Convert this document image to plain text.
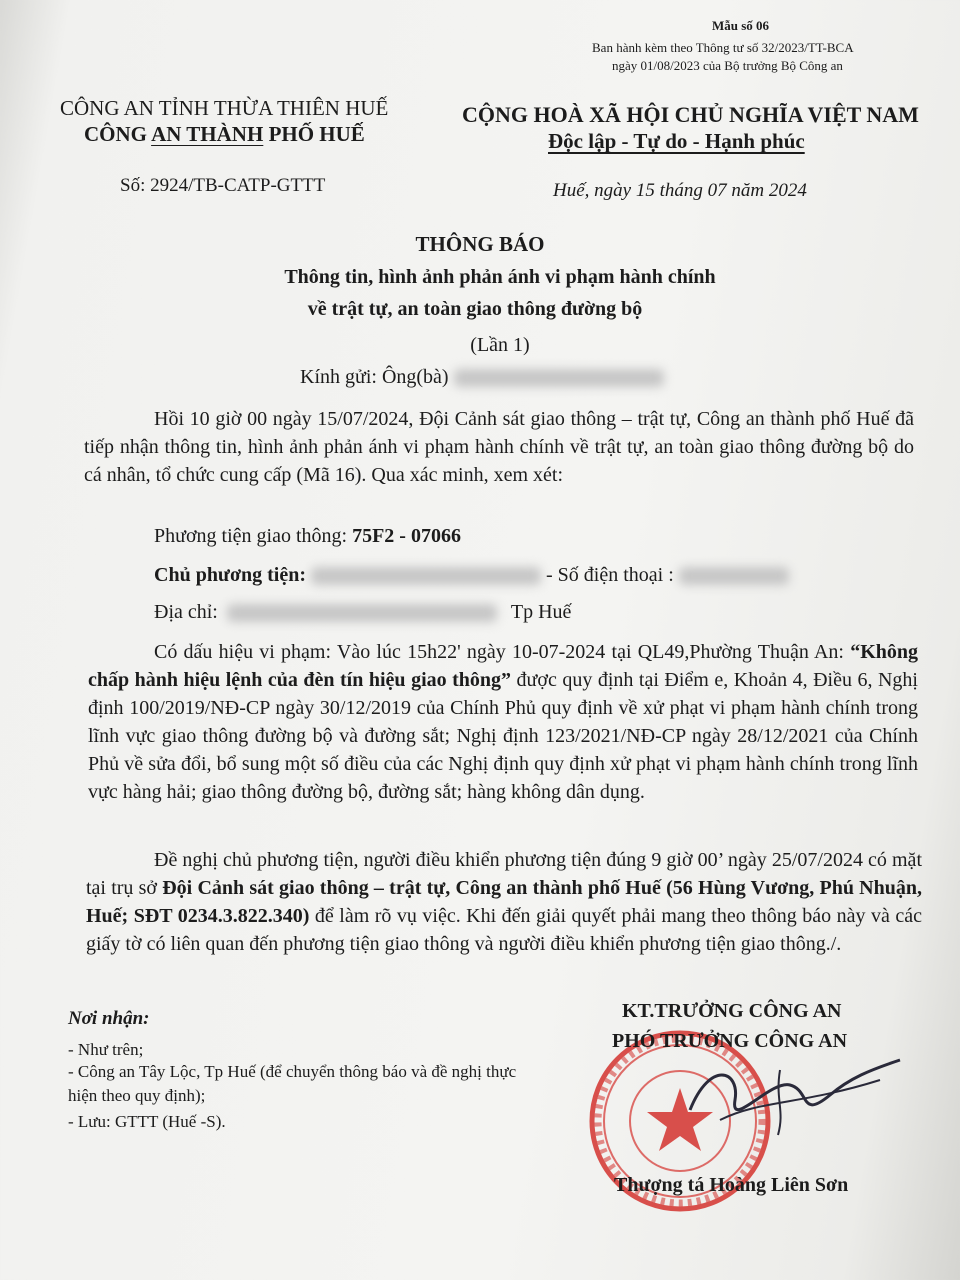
Mẫu số 06
Ban hành kèm theo Thông tư số 32/2023/TT-BCA
ngày 01/08/2023 của Bộ trưởng Bộ Công an
CÔNG AN TỈNH THỪA THIÊN HUẾ
CÔNG AN THÀNH PHỐ HUẾ
CỘNG HOÀ XÃ HỘI CHỦ NGHĨA VIỆT NAM
Độc lập - Tự do - Hạnh phúc
Số: 2924/TB-CATP-GTTT	Huế, ngày 15 tháng 07 năm 2024
THÔNG BÁO
Thông tin, hình ảnh phản ánh vi phạm hành chính
về trật tự, an toàn giao thông đường bộ
(Lần 1)
Kính gửi: Ông(bà)
Hồi 10 giờ 00 ngày 15/07/2024, Đội Cảnh sát giao thông – trật tự, Công an thành phố Huế đã tiếp nhận thông tin, hình ảnh phản ánh vi phạm hành chính về trật tự, an toàn giao thông đường bộ do cá nhân, tổ chức cung cấp (Mã 16). Qua xác minh, xem xét:
Phương tiện giao thông: 75F2 - 07066
Chủ phương tiện:	- Số điện thoại :
Địa chỉ:	Tp Huế
Có dấu hiệu vi phạm: Vào lúc 15h22' ngày 10-07-2024 tại QL49,Phường Thuận An: “Không chấp hành hiệu lệnh của đèn tín hiệu giao thông” được quy định tại Điểm e, Khoản 4, Điều 6, Nghị định 100/2019/NĐ-CP ngày 30/12/2019 của Chính Phủ quy định về xử phạt vi phạm hành chính trong lĩnh vực giao thông đường bộ và đường sắt; Nghị định 123/2021/NĐ-CP ngày 28/12/2021 của Chính Phủ về sửa đổi, bổ sung một số điều của các Nghị định quy định xử phạt vi phạm hành chính trong lĩnh vực hàng hải; giao thông đường bộ, đường sắt; hàng không dân dụng.
Đề nghị chủ phương tiện, người điều khiển phương tiện đúng 9 giờ 00’ ngày 25/07/2024 có mặt tại trụ sở Đội Cảnh sát giao thông – trật tự, Công an thành phố Huế (56 Hùng Vương, Phú Nhuận, Huế; SĐT 0234.3.822.340) để làm rõ vụ việc. Khi đến giải quyết phải mang theo thông báo này và các giấy tờ có liên quan đến phương tiện giao thông và người điều khiển phương tiện giao thông./.
Nơi nhận:
- Như trên;
- Công an Tây Lộc, Tp Huế (để chuyển thông báo và đề nghị thực hiện theo quy định);
- Lưu: GTTT (Huế -S).
KT.TRƯỞNG CÔNG AN
PHÓ TRƯỞNG CÔNG AN
Thượng tá Hoàng Liên Sơn
